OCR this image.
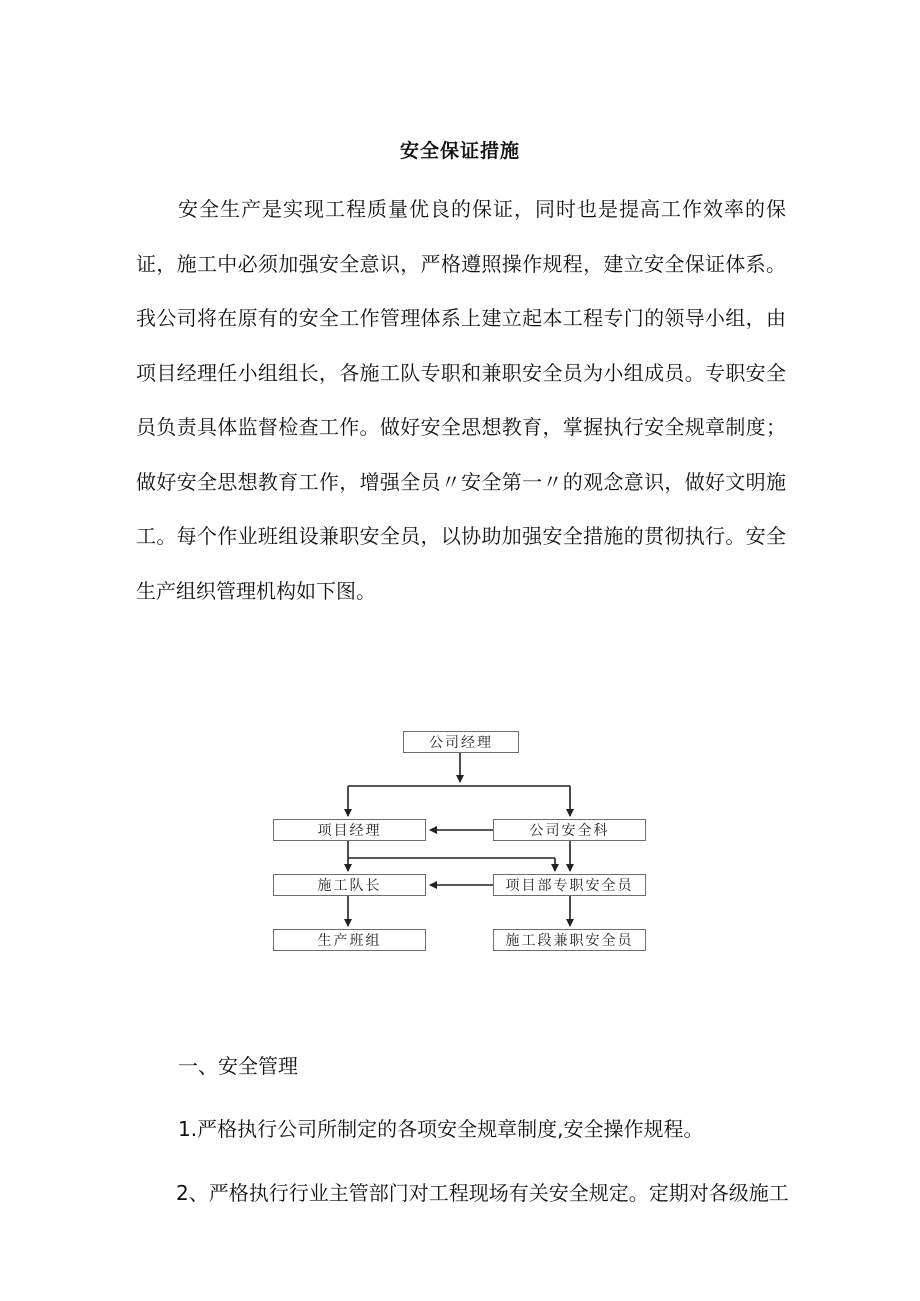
安全保证措施

安全生产是实现工程质量优良的保证，同时也是提高工作效率的保证，施工中必须加强安全意识，严格遵照操作规程，建立安全保证体系。我公司将在原有的安全工作管理体系上建立起本工程专门的领导小组，由项目经理任小组组长，各施工队专职和兼职安全员为小组成员。专职安全员负责具体监督检查工作。做好安全思想教育，掌握执行安全规章制度；做好安全思想教育工作，增强全员〃安全第一〃的观念意识，做好文明施工。每个作业班组设兼职安全员，以协助加强安全措施的贯彻执行。安全生产组织管理机构如下图。

公司经理
项目经理	公司安全科
施工队长	项目部专职安全员
生产班组	施工段兼职安全员

一、安全管理

1.严格执行公司所制定的各项安全规章制度,安全操作规程。

2、严格执行行业主管部门对工程现场有关安全规定。定期对各级施工
